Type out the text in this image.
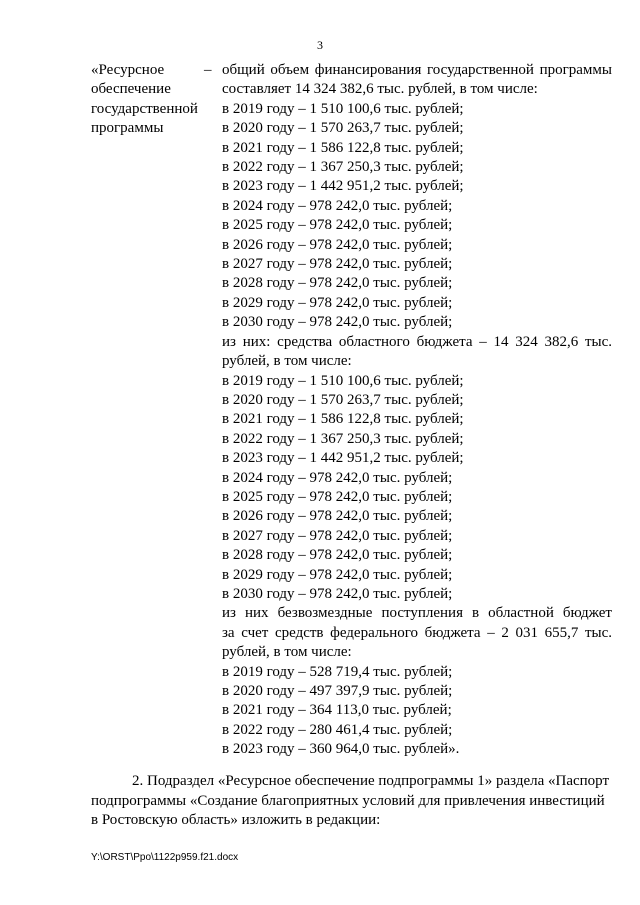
3
«Ресурсное
обеспечение
государственной
программы
– общий объем финансирования государственной программы
составляет 14 324 382,6 тыс. рублей, в том числе:
в 2019 году – 1 510 100,6 тыс. рублей;
в 2020 году – 1 570 263,7 тыс. рублей;
в 2021 году – 1 586 122,8 тыс. рублей;
в 2022 году – 1 367 250,3 тыс. рублей;
в 2023 году – 1 442 951,2 тыс. рублей;
в 2024 году – 978 242,0 тыс. рублей;
в 2025 году – 978 242,0 тыс. рублей;
в 2026 году – 978 242,0 тыс. рублей;
в 2027 году – 978 242,0 тыс. рублей;
в 2028 году – 978 242,0 тыс. рублей;
в 2029 году – 978 242,0 тыс. рублей;
в 2030 году – 978 242,0 тыс. рублей;
из них: средства областного бюджета – 14 324 382,6 тыс.
рублей, в том числе:
в 2019 году – 1 510 100,6 тыс. рублей;
в 2020 году – 1 570 263,7 тыс. рублей;
в 2021 году – 1 586 122,8 тыс. рублей;
в 2022 году – 1 367 250,3 тыс. рублей;
в 2023 году – 1 442 951,2 тыс. рублей;
в 2024 году – 978 242,0 тыс. рублей;
в 2025 году – 978 242,0 тыс. рублей;
в 2026 году – 978 242,0 тыс. рублей;
в 2027 году – 978 242,0 тыс. рублей;
в 2028 году – 978 242,0 тыс. рублей;
в 2029 году – 978 242,0 тыс. рублей;
в 2030 году – 978 242,0 тыс. рублей;
из них безвозмездные поступления в областной бюджет
за счет средств федерального бюджета – 2 031 655,7 тыс.
рублей, в том числе:
в 2019 году – 528 719,4 тыс. рублей;
в 2020 году – 497 397,9 тыс. рублей;
в 2021 году – 364 113,0 тыс. рублей;
в 2022 году – 280 461,4 тыс. рублей;
в 2023 году – 360 964,0 тыс. рублей».
2. Подраздел «Ресурсное обеспечение подпрограммы 1» раздела «Паспорт
подпрограммы «Создание благоприятных условий для привлечения инвестиций
в Ростовскую область» изложить в редакции:
Y:\ORST\Ppo\1122p959.f21.docx
